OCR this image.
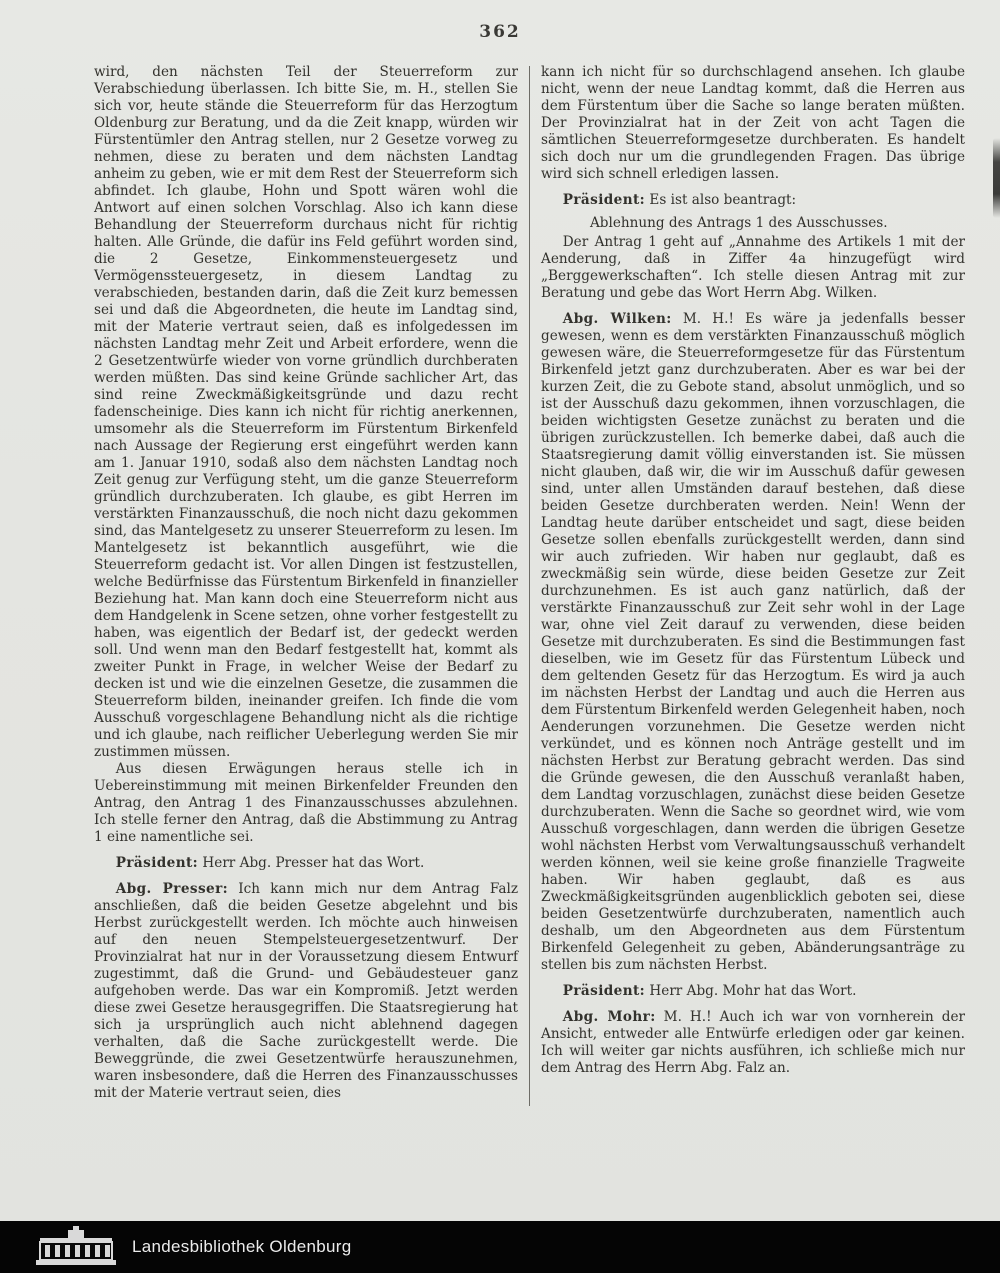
362

wird, den nächsten Teil der Steuerreform zur Verabschiedung überlassen. Ich bitte Sie, m. H., stellen Sie sich vor, heute stände die Steuerreform für das Herzogtum Oldenburg zur Beratung, und da die Zeit knapp, würden wir Fürstentümler den Antrag stellen, nur 2 Gesetze vorweg zu nehmen, diese zu beraten und dem nächsten Landtag anheim zu geben, wie er mit dem Rest der Steuerreform sich abfindet. Ich glaube, Hohn und Spott wären wohl die Antwort auf einen solchen Vorschlag. Also ich kann diese Behandlung der Steuerreform durchaus nicht für richtig halten. Alle Gründe, die dafür ins Feld geführt worden sind, die 2 Gesetze, Einkommensteuergesetz und Vermögenssteuergesetz, in diesem Landtag zu verabschieden, bestanden darin, daß die Zeit kurz bemessen sei und daß die Abgeordneten, die heute im Landtag sind, mit der Materie vertraut seien, daß es infolgedessen im nächsten Landtag mehr Zeit und Arbeit erfordere, wenn die 2 Gesetzentwürfe wieder von vorne gründlich durchberaten werden müßten. Das sind keine Gründe sachlicher Art, das sind reine Zweckmäßigkeitsgründe und dazu recht fadenscheinige. Dies kann ich nicht für richtig anerkennen, umsomehr als die Steuerreform im Fürstentum Birkenfeld nach Aussage der Regierung erst eingeführt werden kann am 1. Januar 1910, sodaß also dem nächsten Landtag noch Zeit genug zur Verfügung steht, um die ganze Steuerreform gründlich durchzuberaten. Ich glaube, es gibt Herren im verstärkten Finanzausschuß, die noch nicht dazu gekommen sind, das Mantelgesetz zu unserer Steuerreform zu lesen. Im Mantelgesetz ist bekanntlich ausgeführt, wie die Steuerreform gedacht ist. Vor allen Dingen ist festzustellen, welche Bedürfnisse das Fürstentum Birkenfeld in finanzieller Beziehung hat. Man kann doch eine Steuerreform nicht aus dem Handgelenk in Scene setzen, ohne vorher festgestellt zu haben, was eigentlich der Bedarf ist, der gedeckt werden soll. Und wenn man den Bedarf festgestellt hat, kommt als zweiter Punkt in Frage, in welcher Weise der Bedarf zu decken ist und wie die einzelnen Gesetze, die zusammen die Steuerreform bilden, ineinander greifen. Ich finde die vom Ausschuß vorgeschlagene Behandlung nicht als die richtige und ich glaube, nach reiflicher Ueberlegung werden Sie mir zustimmen müssen.

Aus diesen Erwägungen heraus stelle ich in Uebereinstimmung mit meinen Birkenfelder Freunden den Antrag, den Antrag 1 des Finanzausschusses abzulehnen. Ich stelle ferner den Antrag, daß die Abstimmung zu Antrag 1 eine namentliche sei.

Präsident: Herr Abg. Presser hat das Wort.

Abg. Presser: Ich kann mich nur dem Antrag Falz anschließen, daß die beiden Gesetze abgelehnt und bis Herbst zurückgestellt werden. Ich möchte auch hinweisen auf den neuen Stempelsteuergesetzentwurf. Der Provinzialrat hat nur in der Voraussetzung diesem Entwurf zugestimmt, daß die Grund- und Gebäudesteuer ganz aufgehoben werde. Das war ein Kompromiß. Jetzt werden diese zwei Gesetze herausgegriffen. Die Staatsregierung hat sich ja ursprünglich auch nicht ablehnend dagegen verhalten, daß die Sache zurückgestellt werde. Die Beweggründe, die zwei Gesetzentwürfe herauszunehmen, waren insbesondere, daß die Herren des Finanzausschusses mit der Materie vertraut seien, dies

kann ich nicht für so durchschlagend ansehen. Ich glaube nicht, wenn der neue Landtag kommt, daß die Herren aus dem Fürstentum über die Sache so lange beraten müßten. Der Provinzialrat hat in der Zeit von acht Tagen die sämtlichen Steuerreformgesetze durchberaten. Es handelt sich doch nur um die grundlegenden Fragen. Das übrige wird sich schnell erledigen lassen.

Präsident: Es ist also beantragt:

Ablehnung des Antrags 1 des Ausschusses.

Der Antrag 1 geht auf „Annahme des Artikels 1 mit der Aenderung, daß in Ziffer 4a hinzugefügt wird „Berggewerkschaften“. Ich stelle diesen Antrag mit zur Beratung und gebe das Wort Herrn Abg. Wilken.

Abg. Wilken: M. H.! Es wäre ja jedenfalls besser gewesen, wenn es dem verstärkten Finanzausschuß möglich gewesen wäre, die Steuerreformgesetze für das Fürstentum Birkenfeld jetzt ganz durchzuberaten. Aber es war bei der kurzen Zeit, die zu Gebote stand, absolut unmöglich, und so ist der Ausschuß dazu gekommen, ihnen vorzuschlagen, die beiden wichtigsten Gesetze zunächst zu beraten und die übrigen zurückzustellen. Ich bemerke dabei, daß auch die Staatsregierung damit völlig einverstanden ist. Sie müssen nicht glauben, daß wir, die wir im Ausschuß dafür gewesen sind, unter allen Umständen darauf bestehen, daß diese beiden Gesetze durchberaten werden. Nein! Wenn der Landtag heute darüber entscheidet und sagt, diese beiden Gesetze sollen ebenfalls zurückgestellt werden, dann sind wir auch zufrieden. Wir haben nur geglaubt, daß es zweckmäßig sein würde, diese beiden Gesetze zur Zeit durchzunehmen. Es ist auch ganz natürlich, daß der verstärkte Finanzausschuß zur Zeit sehr wohl in der Lage war, ohne viel Zeit darauf zu verwenden, diese beiden Gesetze mit durchzuberaten. Es sind die Bestimmungen fast dieselben, wie im Gesetz für das Fürstentum Lübeck und dem geltenden Gesetz für das Herzogtum. Es wird ja auch im nächsten Herbst der Landtag und auch die Herren aus dem Fürstentum Birkenfeld werden Gelegenheit haben, noch Aenderungen vorzunehmen. Die Gesetze werden nicht verkündet, und es können noch Anträge gestellt und im nächsten Herbst zur Beratung gebracht werden. Das sind die Gründe gewesen, die den Ausschuß veranlaßt haben, dem Landtag vorzuschlagen, zunächst diese beiden Gesetze durchzuberaten. Wenn die Sache so geordnet wird, wie vom Ausschuß vorgeschlagen, dann werden die übrigen Gesetze wohl nächsten Herbst vom Verwaltungsausschuß verhandelt werden können, weil sie keine große finanzielle Tragweite haben. Wir haben geglaubt, daß es aus Zweckmäßigkeitsgründen augenblicklich geboten sei, diese beiden Gesetzentwürfe durchzuberaten, namentlich auch deshalb, um den Abgeordneten aus dem Fürstentum Birkenfeld Gelegenheit zu geben, Abänderungsanträge zu stellen bis zum nächsten Herbst.

Präsident: Herr Abg. Mohr hat das Wort.

Abg. Mohr: M. H.! Auch ich war von vornherein der Ansicht, entweder alle Entwürfe erledigen oder gar keinen. Ich will weiter gar nichts ausführen, ich schließe mich nur dem Antrag des Herrn Abg. Falz an.

Landesbibliothek Oldenburg
